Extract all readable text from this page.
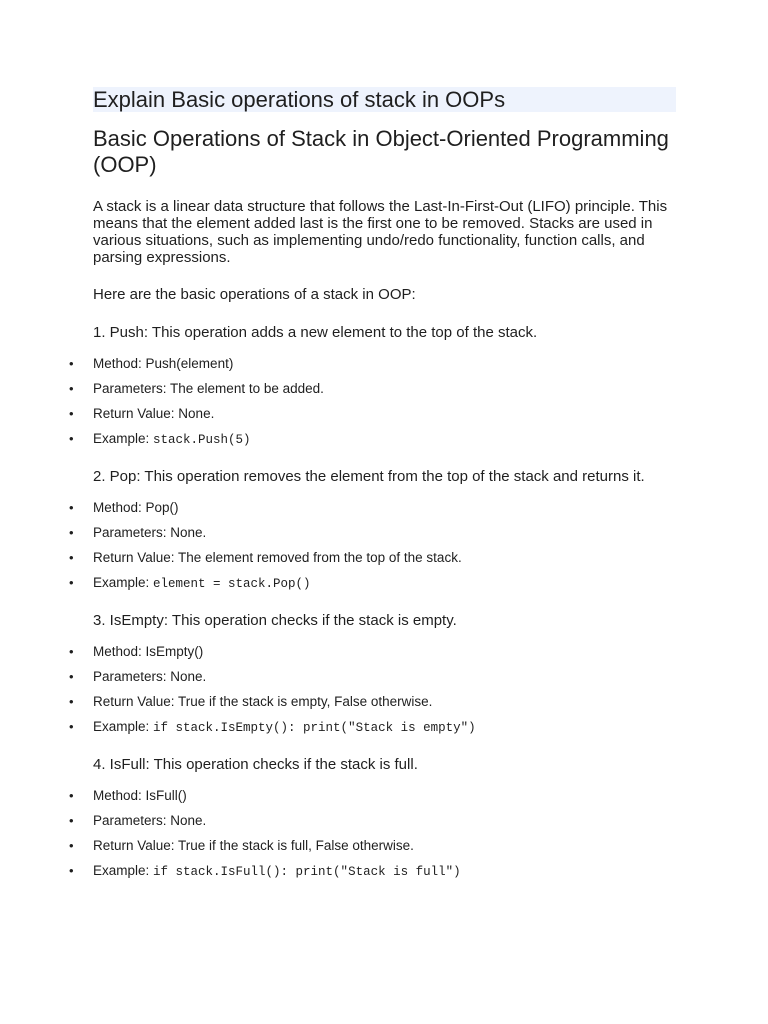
Explain Basic operations of stack in OOPs
Basic Operations of Stack in Object-Oriented Programming (OOP)

A stack is a linear data structure that follows the Last-In-First-Out (LIFO) principle. This means that the element added last is the first one to be removed. Stacks are used in various situations, such as implementing undo/redo functionality, function calls, and parsing expressions.

Here are the basic operations of a stack in OOP:

1. Push: This operation adds a new element to the top of the stack.

• Method: Push(element)
• Parameters: The element to be added.
• Return Value: None.
• Example: stack.Push(5)

2. Pop: This operation removes the element from the top of the stack and returns it.

• Method: Pop()
• Parameters: None.
• Return Value: The element removed from the top of the stack.
• Example: element = stack.Pop()

3. IsEmpty: This operation checks if the stack is empty.

• Method: IsEmpty()
• Parameters: None.
• Return Value: True if the stack is empty, False otherwise.
• Example: if stack.IsEmpty(): print("Stack is empty")

4. IsFull: This operation checks if the stack is full.

• Method: IsFull()
• Parameters: None.
• Return Value: True if the stack is full, False otherwise.
• Example: if stack.IsFull(): print("Stack is full")
